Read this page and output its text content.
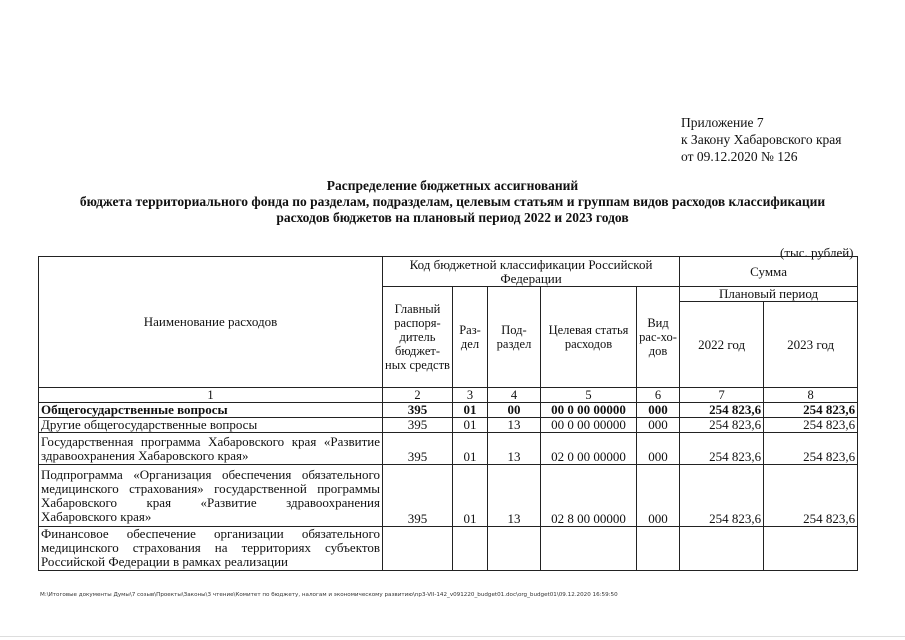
Приложение 7
к Закону Хабаровского края
от 09.12.2020 № 126
Распределение бюджетных ассигнований
бюджета территориального фонда по разделам, подразделам, целевым статьям и группам видов расходов классификации
расходов бюджетов на плановый период 2022 и 2023 годов
(тыс. рублей)
Наименование расходов	Код бюджетной классификации Российской Федерации					Сумма	
	Главный распоря-дитель бюджет-ных средств	Раз-дел	Под-раздел	Целевая статья расходов	Вид рас-хо-дов	Плановый период	
						2022 год	2023 год
1	2	3	4	5	6	7	8
Общегосударственные вопросы	395	01	00	00 0 00 00000	000	254 823,6	254 823,6
Другие общегосударственные вопросы	395	01	13	00 0 00 00000	000	254 823,6	254 823,6
Государственная программа Хабаровского края «Развитие здравоохранения Хабаровского края»	395	01	13	02 0 00 00000	000	254 823,6	254 823,6
Подпрограмма «Организация обеспечения обязательного медицинского страхования» государственной программы Хабаровского края «Развитие здравоохранения Хабаровского края»	395	01	13	02 8 00 00000	000	254 823,6	254 823,6
Финансовое обеспечение организации обязательного медицинского страхования на территориях субъектов Российской Федерации в рамках реализации							
M:\Итоговые документы Думы\7 созыв\Проекты\Законы\3 чтение\Комитет по бюджету, налогам и экономическому развитию\np3-VII-142_v091220_budget01.doc\org_budget01\09.12.2020 16:59:50
